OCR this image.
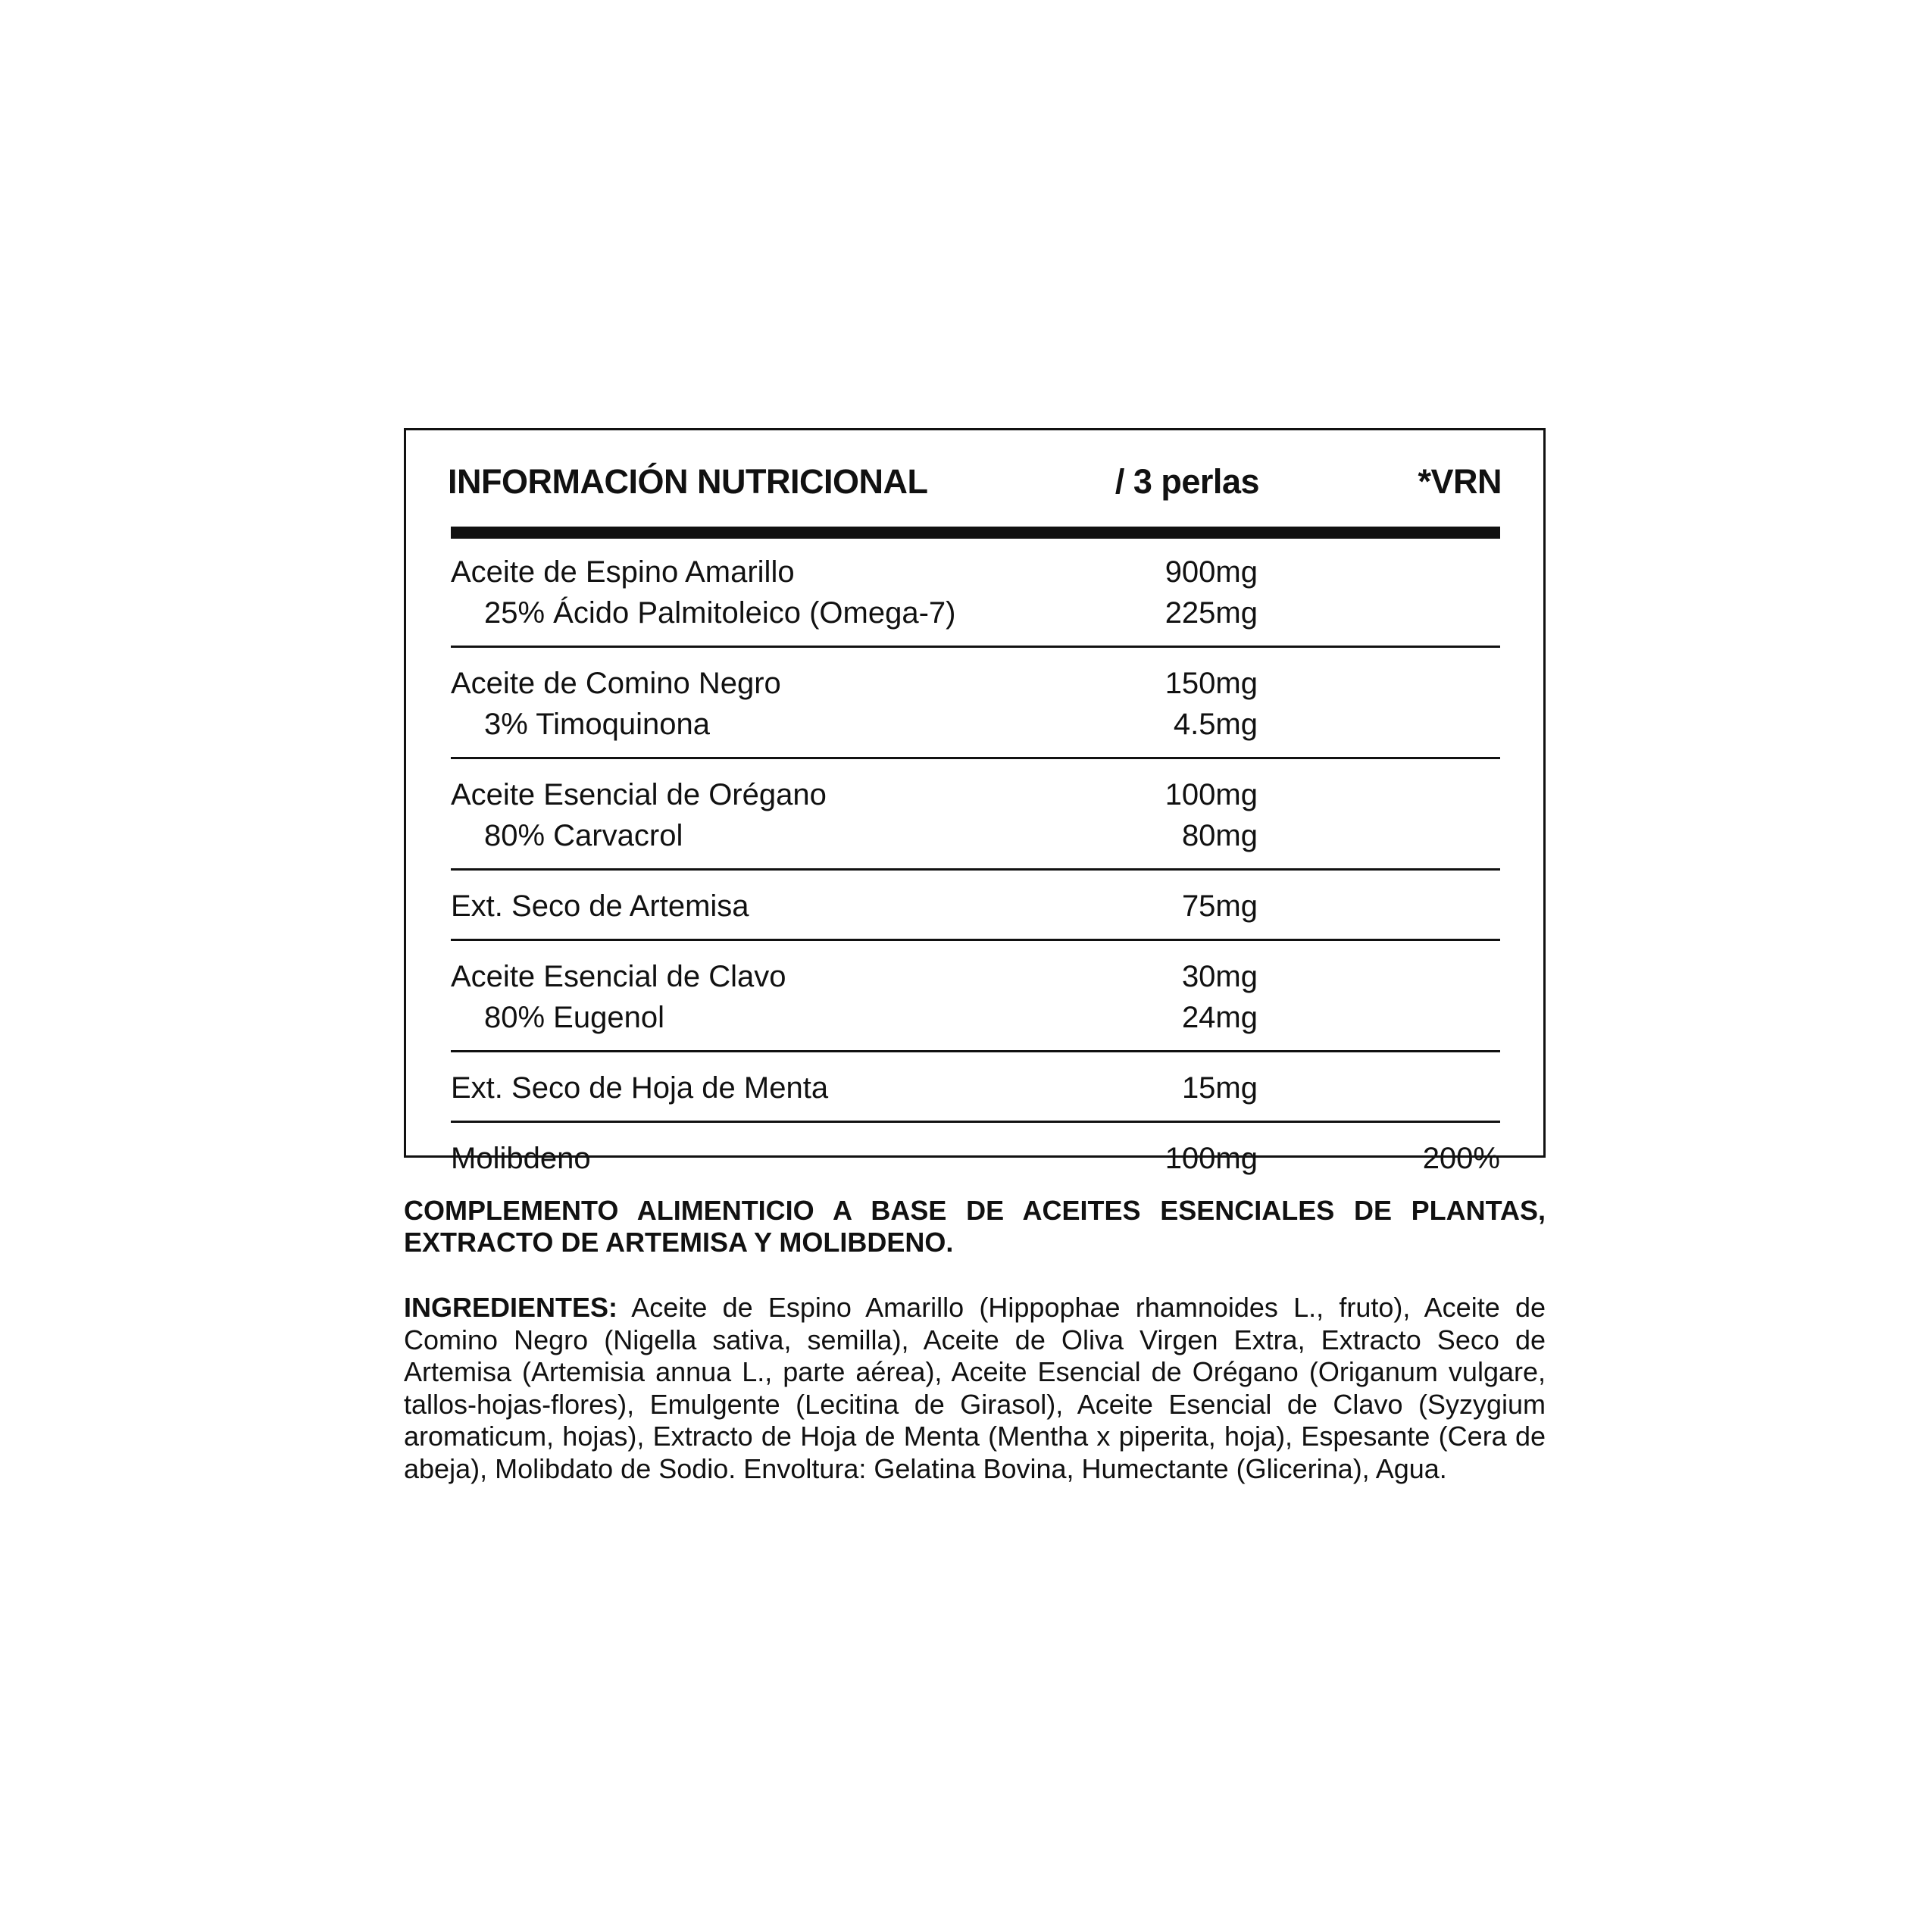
INFORMACIÓN NUTRICIONAL	/ 3 perlas	*VRN
Aceite de Espino Amarillo	900mg
25% Ácido Palmitoleico (Omega-7)	225mg
Aceite de Comino Negro	150mg
3% Timoquinona	4.5mg
Aceite Esencial de Orégano	100mg
80% Carvacrol	80mg
Ext. Seco de Artemisa	75mg
Aceite Esencial de Clavo	30mg
80% Eugenol	24mg
Ext. Seco de Hoja de Menta	15mg
Molibdeno	100mg	200%
COMPLEMENTO ALIMENTICIO A BASE DE ACEITES ESENCIALES DE PLANTAS, EXTRACTO DE ARTEMISA Y MOLIBDENO.
INGREDIENTES: Aceite de Espino Amarillo (Hippophae rhamnoides L., fruto), Aceite de Comino Negro (Nigella sativa, semilla), Aceite de Oliva Virgen Extra, Extracto Seco de Artemisa (Artemisia annua L., parte aérea), Aceite Esencial de Orégano (Origanum vulgare, tallos-hojas-flores), Emulgente (Lecitina de Girasol), Aceite Esencial de Clavo (Syzygium aromaticum, hojas), Extracto de Hoja de Menta (Mentha x piperita, hoja), Espesante (Cera de abeja), Molibdato de Sodio. Envoltura: Gelatina Bovina, Humectante (Glicerina), Agua.
